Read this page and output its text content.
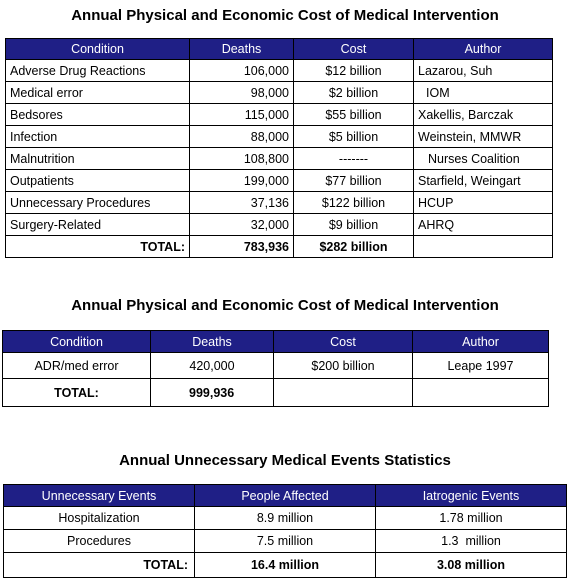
Annual Physical and Economic Cost of Medical Intervention
Condition	Deaths	Cost	Author
Adverse Drug Reactions	106,000	$12 billion	Lazarou, Suh
Medical error	98,000	$2 billion	IOM
Bedsores	115,000	$55 billion	Xakellis, Barczak
Infection	88,000	$5 billion	Weinstein, MMWR
Malnutrition	108,800	-------	Nurses Coalition
Outpatients	199,000	$77 billion	Starfield, Weingart
Unnecessary Procedures	37,136	$122 billion	HCUP
Surgery-Related	32,000	$9 billion	AHRQ
TOTAL:	783,936	$282 billion	
Annual Physical and Economic Cost of Medical Intervention
Condition	Deaths	Cost	Author
ADR/med error	420,000	$200 billion	Leape 1997
TOTAL:	999,936		
Annual Unnecessary Medical Events Statistics
Unnecessary Events	People Affected	Iatrogenic Events
Hospitalization	8.9 million	1.78 million
Procedures	7.5 million	1.3  million
TOTAL:	16.4 million	3.08 million
